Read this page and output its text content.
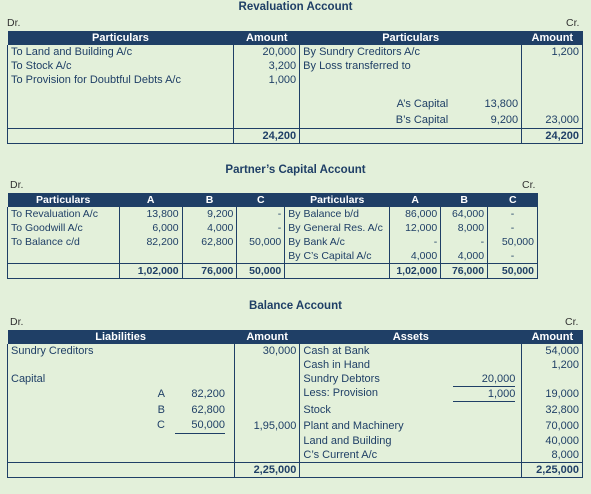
Revaluation Account
Dr.	Cr.
Particulars	Amount	Particulars	Amount
To Land and Building A/c	20,000	By Sundry Creditors A/c	1,200
To Stock A/c	3,200	By Loss transferred to	
To Provision for Doubtful Debts A/c	1,000		

		A’s Capital 13,800	

		B’s Capital 9,200	23,000
	24,200		24,200
Partner’s Capital Account
Dr.	Cr.
Particulars	A	B	C	Particulars	A	B	C
To Revaluation A/c	13,800	9,200	-	By Balance b/d	86,000	64,000	-
To Goodwill A/c	6,000	4,000	-	By General Res. A/c	12,000	8,000	-
To Balance c/d	82,200	62,800	50,000	By Bank A/c	-	-	50,000
				By C’s Capital A/c	4,000	4,000	-
	1,02,000	76,000	50,000		1,02,000	76,000	50,000
Balance Account
Dr.	Cr.
Liabilities	Amount	Assets	Amount
Sundry Creditors	30,000	Cash at Bank	54,000
		Cash in Hand	1,200
Capital		Sundry Debtors 20,000	

A 82,200		Less: Provision 1,000	19,000

B 62,800		Stock	32,800

C 50,000	1,95,000	Plant and Machinery	70,000
		Land and Building	40,000
		C’s Current A/c	8,000
	2,25,000		2,25,000
